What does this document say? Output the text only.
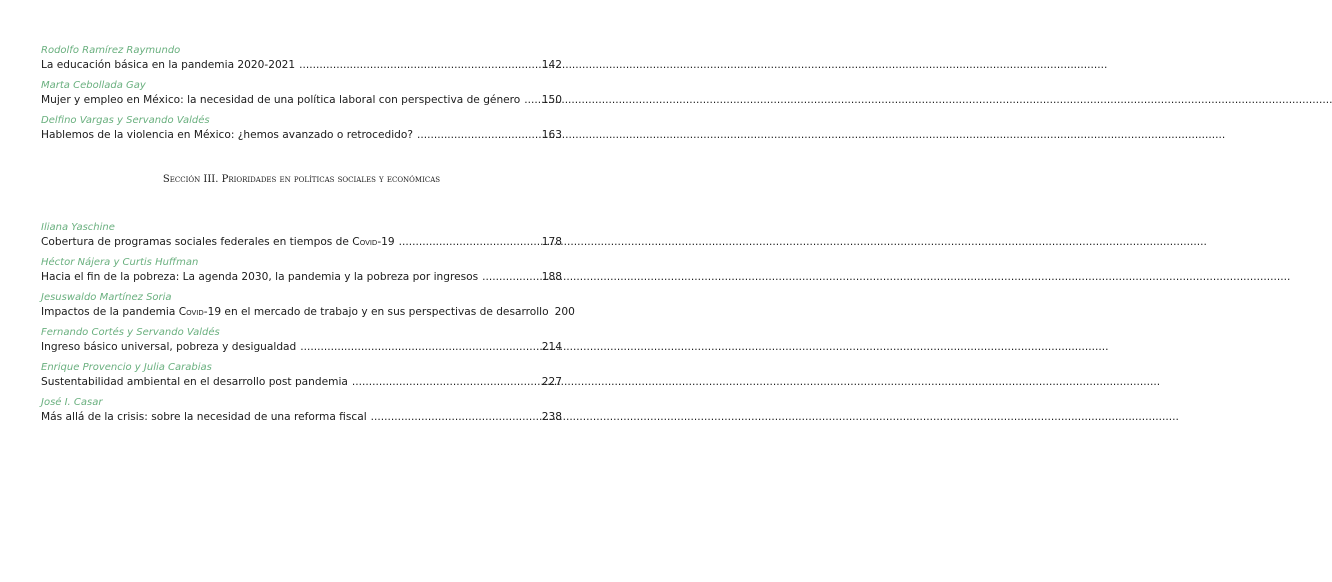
Rodolfo Ramírez Raymundo
La educación básica en la pandemia 2020-2021 .....	142
Marta Cebollada Gay
Mujer y empleo en México: la necesidad de una política laboral con perspectiva de género ..... 150
Delfino Vargas y Servando Valdés
Hablemos de la violencia en México: ¿hemos avanzado o retrocedido? .....	163
Sección III. Prioridades en políticas sociales y económicas
Iliana Yaschine
Cobertura de programas sociales federales en tiempos de Covid-19 .....	178
Héctor Nájera y Curtis Huffman
Hacia el fin de la pobreza: La agenda 2030, la pandemia y la pobreza por ingresos .....	188
Jesuswaldo Martínez Soria
Impactos de la pandemia Covid-19 en el mercado de trabajo y en sus perspectivas de desarrollo 200
Fernando Cortés y Servando Valdés
Ingreso básico universal, pobreza y desigualdad .....	214
Enrique Provencio y Julia Carabias
Sustentabilidad ambiental en el desarrollo post pandemia .....	227
José I. Casar
Más allá de la crisis: sobre la necesidad de una reforma fiscal .....	238
